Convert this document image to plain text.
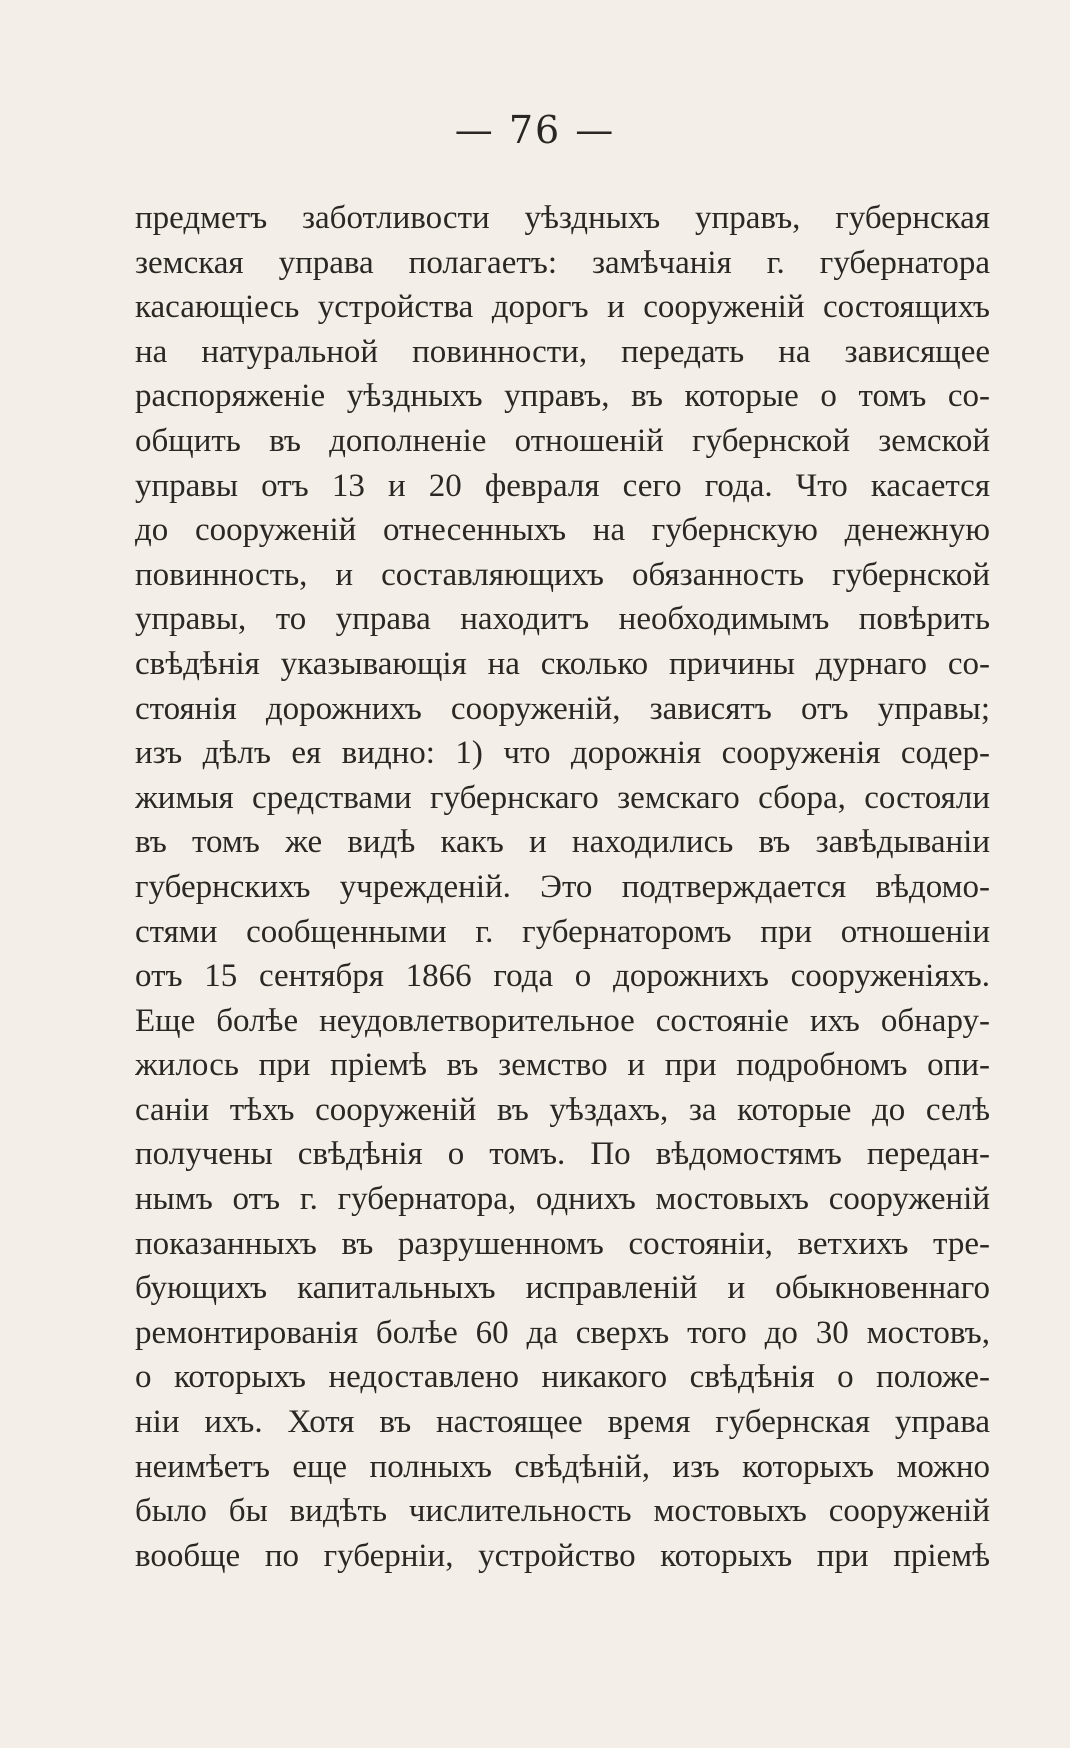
— 76 —
предметъ заботливости уѣздныхъ управъ, губернская
земская управа полагаетъ: замѣчанія г. губернатора
касающіесь устройства дорогъ и сооруженій состоящихъ
на натуральной повинности, передать на зависящее
распоряженіе уѣздныхъ управъ, въ которые о томъ со-
общить въ дополненіе отношеній губернской земской
управы отъ 13 и 20 февраля сего года. Что касается
до сооруженій отнесенныхъ на губернскую денежную
повинность, и составляющихъ обязанность губернской
управы, то управа находитъ необходимымъ повѣрить
свѣдѣнія указывающія на сколько причины дурнаго со-
стоянія дорожнихъ сооруженій, зависятъ отъ управы;
изъ дѣлъ ея видно: 1) что дорожнія сооруженія содер-
жимыя средствами губернскаго земскаго сбора, состояли
въ томъ же видѣ какъ и находились въ завѣдываніи
губернскихъ учрежденій. Это подтверждается вѣдомо-
стями сообщенными г. губернаторомъ при отношеніи
отъ 15 сентября 1866 года о дорожнихъ сооруженіяхъ.
Еще болѣе неудовлетворительное состояніе ихъ обнару-
жилось при пріемѣ въ земство и при подробномъ опи-
саніи тѣхъ сооруженій въ уѣздахъ, за которые до селѣ
получены свѣдѣнія о томъ. По вѣдомостямъ передан-
нымъ отъ г. губернатора, однихъ мостовыхъ сооруженій
показанныхъ въ разрушенномъ состояніи, ветхихъ тре-
бующихъ капитальныхъ исправленій и обыкновеннаго
ремонтированія болѣе 60 да сверхъ того до 30 мостовъ,
о которыхъ недоставлено никакого свѣдѣнія о положе-
ніи ихъ. Хотя въ настоящее время губернская управа
неимѣетъ еще полныхъ свѣдѣній, изъ которыхъ можно
было бы видѣть числительность мостовыхъ сооруженій
вообще по губерніи, устройство которыхъ при пріемѣ
